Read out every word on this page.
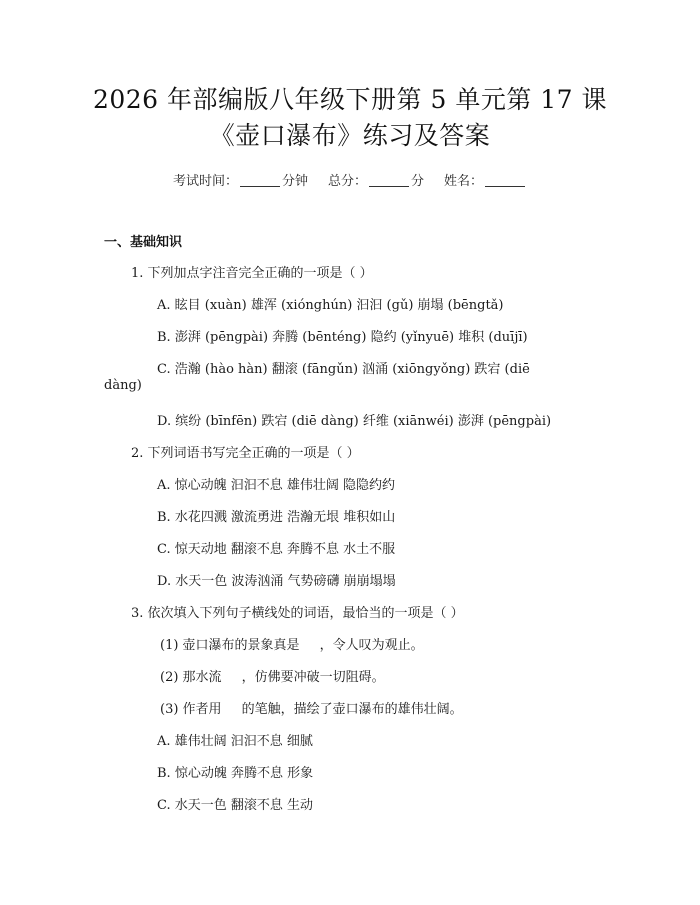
2026 年部编版八年级下册第 5 单元第 17 课
《壶口瀑布》练习及答案
考试时间：	分钟 总分：	分 姓名：
一、基础知识
1. 下列加点字注音完全正确的一项是（ ）
A. 眩目 (xuàn) 雄浑 (xiónghún) 汩汩 (gǔ) 崩塌 (bēngtǎ)
B. 澎湃 (pēngpài) 奔腾 (bēnténg) 隐约 (yǐnyuē) 堆积 (duījī)
C. 浩瀚 (hào hàn) 翻滚 (fāngǔn) 汹涌 (xiōngyǒng) 跌宕 (diē
dàng)
D. 缤纷 (bīnfēn) 跌宕 (diē dàng) 纤维 (xiānwéi) 澎湃 (pēngpài)
2. 下列词语书写完全正确的一项是（ ）
A. 惊心动魄 汩汩不息 雄伟壮阔 隐隐约约
B. 水花四溅 激流勇进 浩瀚无垠 堆积如山
C. 惊天动地 翻滚不息 奔腾不息 水土不服
D. 水天一色 波涛汹涌 气势磅礴 崩崩塌塌
3. 依次填入下列句子横线处的词语，最恰当的一项是（ ）
(1) 壶口瀑布的景象真是 ，令人叹为观止。
(2) 那水流 ，仿佛要冲破一切阻碍。
(3) 作者用 的笔触，描绘了壶口瀑布的雄伟壮阔。
A. 雄伟壮阔 汩汩不息 细腻
B. 惊心动魄 奔腾不息 形象
C. 水天一色 翻滚不息 生动
